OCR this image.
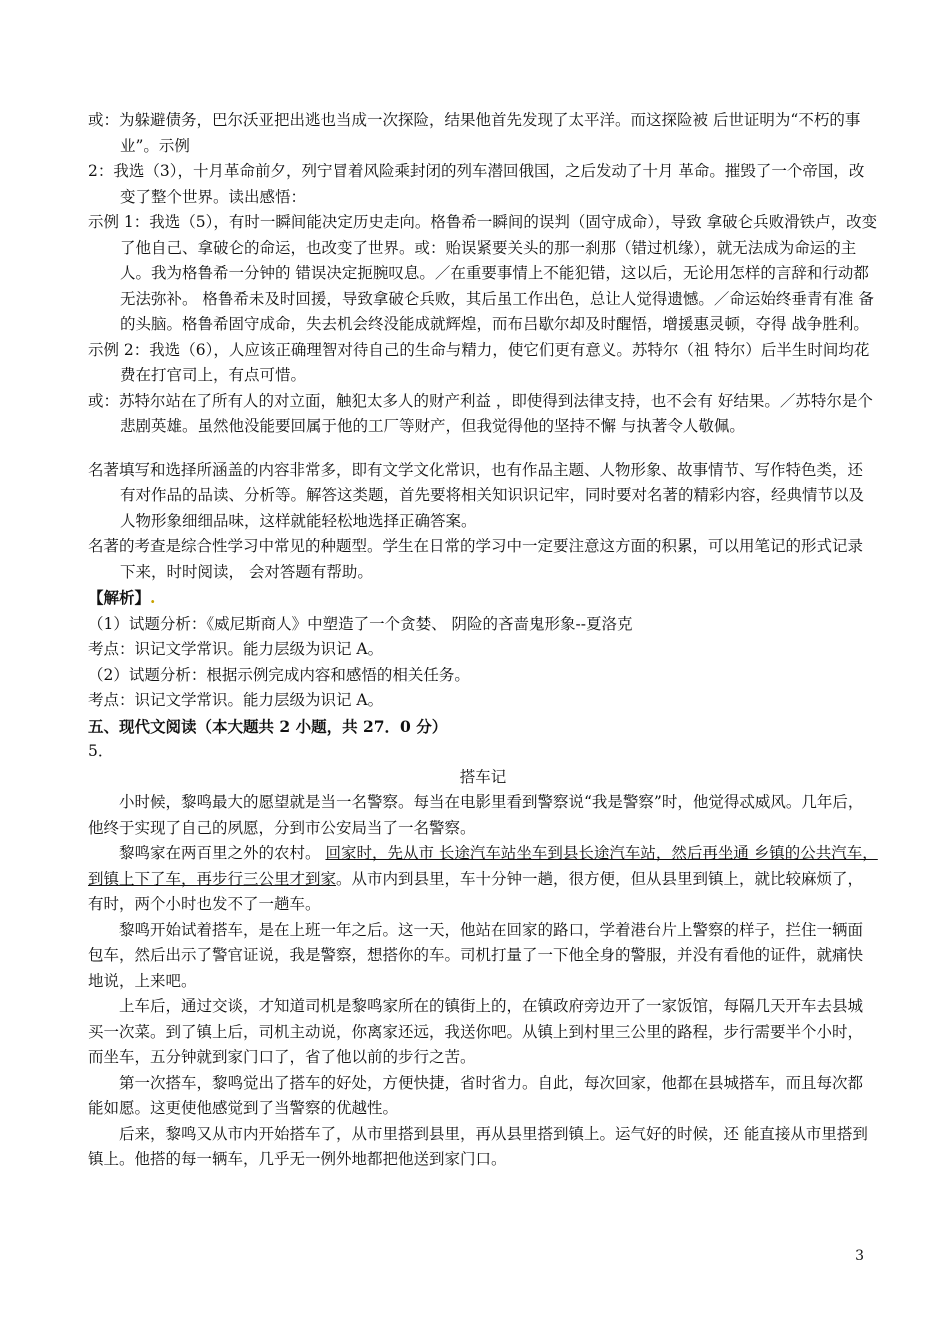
或：为躲避债务，巴尔沃亚把出逃也当成一次探险，结果他首先发现了太平洋。而这探险被 后世证明为“不朽的事业”。示例

2：我选（3），十月革命前夕，列宁冒着风险乘封闭的列车潜回俄国，之后发动了十月 革命。摧毁了一个帝国，改变了整个世界。读出感悟：

示例 1：我选（5），有时一瞬间能决定历史走向。格鲁希一瞬间的误判（固守成命），导致 拿破仑兵败滑铁卢，改变了他自己、拿破仑的命运，也改变了世界。或：贻误紧要关头的那一刹那（错过机缘），就无法成为命运的主人。我为格鲁希一分钟的 错误决定扼腕叹息。／在重要事情上不能犯错，这以后，无论用怎样的言辞和行动都无法弥补。 格鲁希未及时回援，导致拿破仑兵败，其后虽工作出色，总让人觉得遗憾。／命运始终垂青有准 备的头脑。格鲁希固守成命，失去机会终没能成就辉煌，而布吕歇尔却及时醒悟，增援惠灵顿，夺得 战争胜利。

示例 2：我选（6），人应该正确理智对待自己的生命与精力，使它们更有意义。苏特尔（祖 特尔）后半生时间均花费在打官司上，有点可惜。

或：苏特尔站在了所有人的对立面，触犯太多人的财产利益 ，即使得到法律支持，也不会有 好结果。／苏特尔是个悲剧英雄。虽然他没能要回属于他的工厂等财产，但我觉得他的坚持不懈 与执著令人敬佩。

名著填写和选择所涵盖的内容非常多，即有文学文化常识，也有作品主题、人物形象、故事情节、写作特色类，还有对作品的品读、分析等。解答这类题，首先要将相关知识识记牢，同时要对名著的精彩内容，经典情节以及人物形象细细品味，这样就能轻松地选择正确答案。

名著的考查是综合性学习中常见的种题型。学生在日常的学习中一定要注意这方面的积累，可以用笔记的形式记录下来，时时阅读， 会对答题有帮助。

【解析】.

（1）试题分析：《威尼斯商人》中塑造了一个贪婪、 阴险的吝啬鬼形象--夏洛克

考点：识记文学常识。能力层级为识记 A。

（2）试题分析：根据示例完成内容和感悟的相关任务。

考点：识记文学常识。能力层级为识记 A。

五、现代文阅读（本大题共 2 小题，共 27．0 分）

5．

搭车记

小时候，黎鸣最大的愿望就是当一名警察。每当在电影里看到警察说“我是警察”时，他觉得忒威风。几年后，他终于实现了自己的夙愿，分到市公安局当了一名警察。

黎鸣家在两百里之外的农村。 回家时，先从市 长途汽车站坐车到县长途汽车站，然后再坐通 乡镇的公共汽车，到镇上下了车，再步行三公里才到家。从市内到县里，车十分钟一趟，很方便，但从县里到镇上，就比较麻烦了，有时，两个小时也发不了一趟车。

黎鸣开始试着搭车，是在上班一年之后。这一天，他站在回家的路口，学着港台片上警察的样子，拦住一辆面包车，然后出示了警官证说，我是警察，想搭你的车。司机打量了一下他全身的警服，并没有看他的证件，就痛快地说，上来吧。

上车后，通过交谈，才知道司机是黎鸣家所在的镇街上的，在镇政府旁边开了一家饭馆，每隔几天开车去县城买一次菜。到了镇上后，司机主动说，你离家还远，我送你吧。从镇上到村里三公里的路程，步行需要半个小时，而坐车，五分钟就到家门口了，省了他以前的步行之苦。

第一次搭车，黎鸣觉出了搭车的好处，方便快捷，省时省力。自此，每次回家，他都在县城搭车，而且每次都能如愿。这更使他感觉到了当警察的优越性。

后来，黎鸣又从市内开始搭车了，从市里搭到县里，再从县里搭到镇上。运气好的时候，还 能直接从市里搭到镇上。他搭的每一辆车，几乎无一例外地都把他送到家门口。

3
